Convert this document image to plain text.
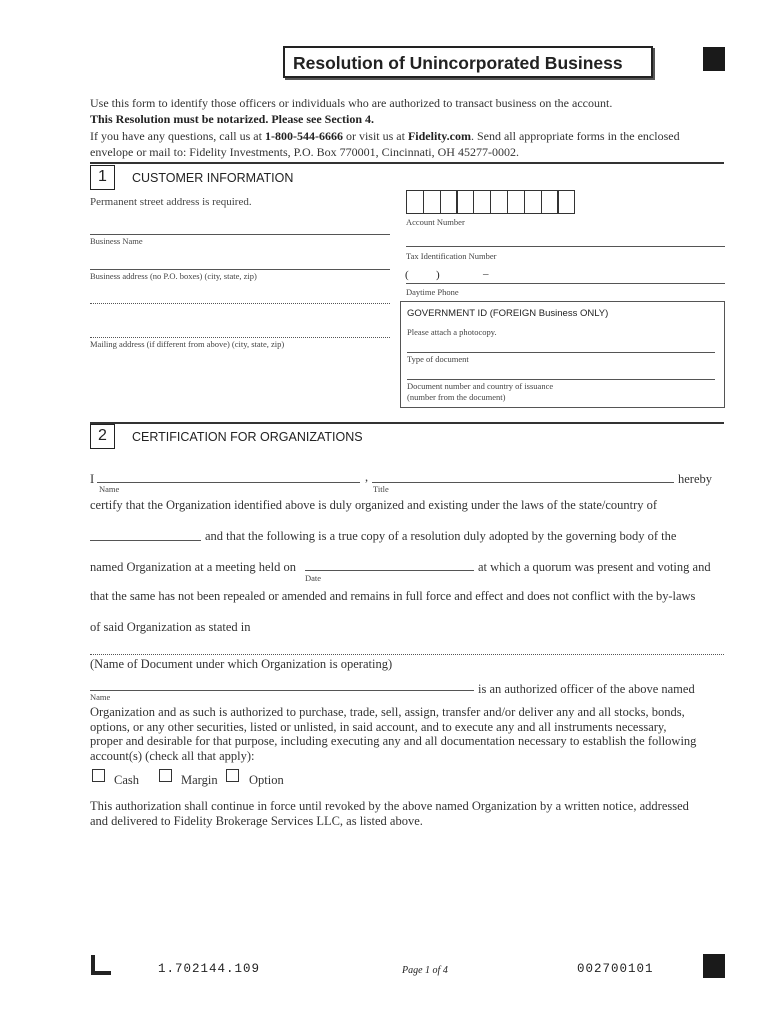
Resolution of Unincorporated Business
Use this form to identify those officers or individuals who are authorized to transact business on the account.
This Resolution must be notarized. Please see Section 4.
If you have any questions, call us at 1-800-544-6666 or visit us at Fidelity.com. Send all appropriate forms in the enclosed
envelope or mail to: Fidelity Investments, P.O. Box 770001, Cincinnati, OH 45277-0002.
1	CUSTOMER INFORMATION
Permanent street address is required.
Business Name
Business address (no P.O. boxes) (city, state, zip)
Mailing address (if different from above) (city, state, zip)
Account Number
Tax Identification Number
( )	–
Daytime Phone
GOVERNMENT ID (FOREIGN Business ONLY)
Please attach a photocopy.
Type of document
Document number and country of issuance
(number from the document)
2	CERTIFICATION FOR ORGANIZATIONS
I
Name
,
Title
hereby
certify that the Organization identified above is duly organized and existing under the laws of the state/country of
and that the following is a true copy of a resolution duly adopted by the governing body of the
named Organization at a meeting held on
Date
at which a quorum was present and voting and
that the same has not been repealed or amended and remains in full force and effect and does not conflict with the by-laws
of said Organization as stated in
(Name of Document under which Organization is operating)
Name
is an authorized officer of the above named
Organization and as such is authorized to purchase, trade, sell, assign, transfer and/or deliver any and all stocks, bonds,
options, or any other securities, listed or unlisted, in said account, and to execute any and all instruments necessary,
proper and desirable for that purpose, including executing any and all documentation necessary to establish the following
account(s) (check all that apply):
Cash	Margin	Option
This authorization shall continue in force until revoked by the above named Organization by a written notice, addressed
and delivered to Fidelity Brokerage Services LLC, as listed above.
1.702144.109	Page 1 of 4	002700101
